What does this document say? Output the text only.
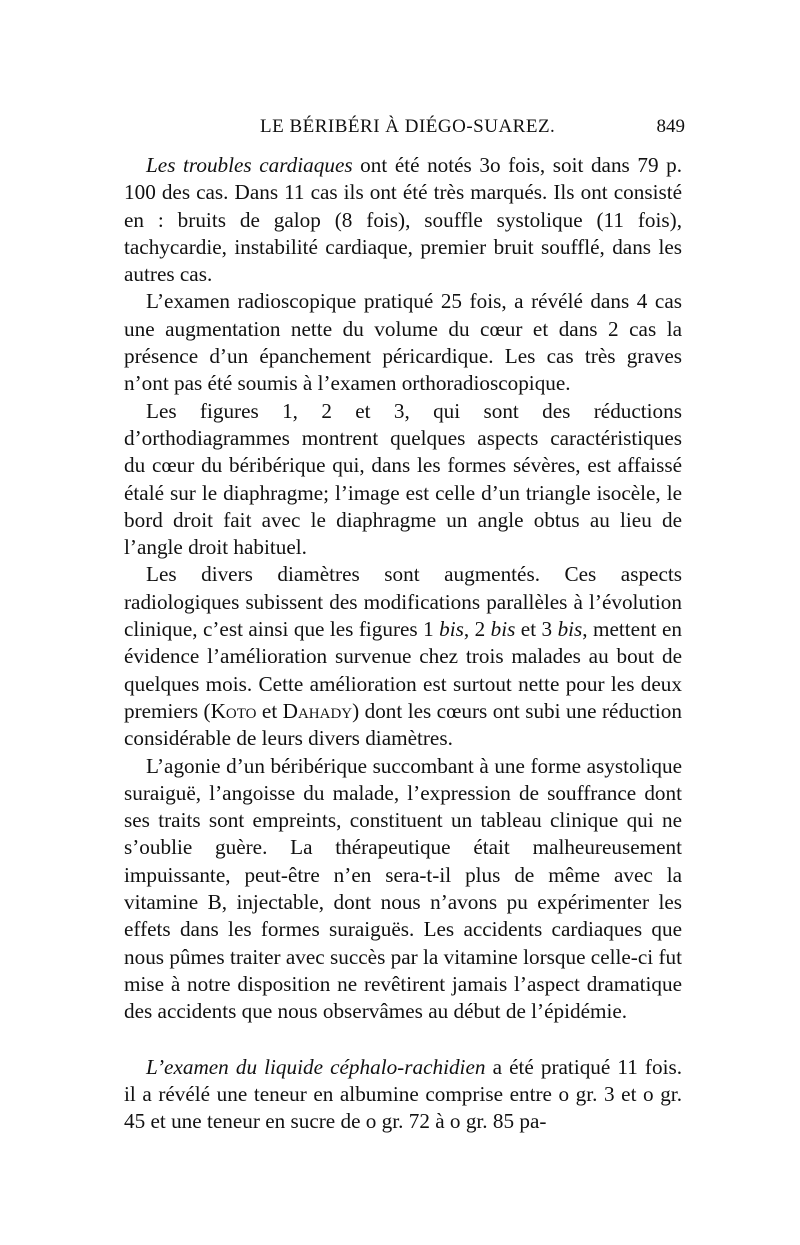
LE BÉRIBÉRI À DIÉGO-SUAREZ.	849

Les troubles cardiaques ont été notés 3o fois, soit dans 79 p. 100 des cas. Dans 11 cas ils ont été très marqués. Ils ont consisté en : bruits de galop (8 fois), souffle systolique (11 fois), tachycardie, instabilité cardiaque, premier bruit soufflé, dans les autres cas.

L’examen radioscopique pratiqué 25 fois, a révélé dans 4 cas une augmentation nette du volume du cœur et dans 2 cas la présence d’un épanchement péricardique. Les cas très graves n’ont pas été soumis à l’examen orthoradioscopique.

Les figures 1, 2 et 3, qui sont des réductions d’orthodiagrammes montrent quelques aspects caractéristiques du cœur du béribérique qui, dans les formes sévères, est affaissé étalé sur le diaphragme; l’image est celle d’un triangle isocèle, le bord droit fait avec le diaphragme un angle obtus au lieu de l’angle droit habituel.

Les divers diamètres sont augmentés. Ces aspects radiologiques subissent des modifications parallèles à l’évolution clinique, c’est ainsi que les figures 1 bis, 2 bis et 3 bis, mettent en évidence l’amélioration survenue chez trois malades au bout de quelques mois. Cette amélioration est surtout nette pour les deux premiers (Koto et Dahady) dont les cœurs ont subi une réduction considérable de leurs divers diamètres.

L’agonie d’un béribérique succombant à une forme asystolique suraiguë, l’angoisse du malade, l’expression de souffrance dont ses traits sont empreints, constituent un tableau clinique qui ne s’oublie guère. La thérapeutique était malheureusement impuissante, peut-être n’en sera-t-il plus de même avec la vitamine B, injectable, dont nous n’avons pu expérimenter les effets dans les formes suraiguës. Les accidents cardiaques que nous pûmes traiter avec succès par la vitamine lorsque celle-ci fut mise à notre disposition ne revêtirent jamais l’aspect dramatique des accidents que nous observâmes au début de l’épidémie.

L’examen du liquide céphalo-rachidien a été pratiqué 11 fois. il a révélé une teneur en albumine comprise entre o gr. 3 et o gr. 45 et une teneur en sucre de o gr. 72 à o gr. 85 pa-
